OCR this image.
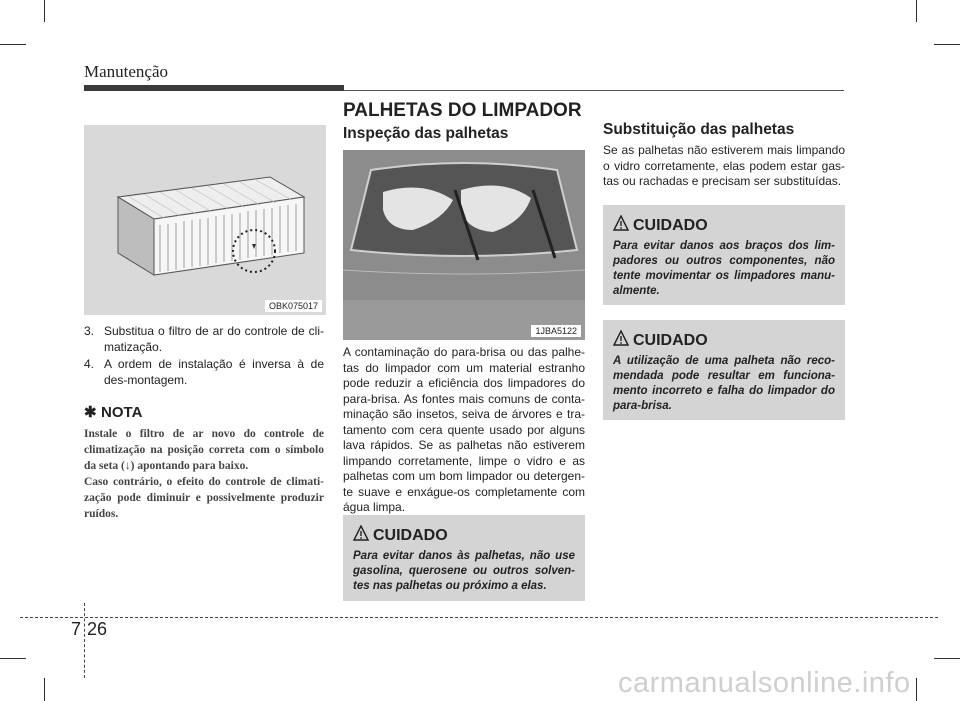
Manutenção
OBK075017
3. Substitua o filtro de ar do controle de cli-matização.
4. A ordem de instalação é inversa à de des-montagem.
✱ NOTA
Instale o filtro de ar novo do controle de climatização na posição correta com o símbolo da seta (↓) apontando para baixo.
Caso contrário, o efeito do controle de climati-zação pode diminuir e possivelmente produzir ruídos.
PALHETAS DO LIMPADOR
Inspeção das palhetas
1JBA5122
A contaminação do para-brisa ou das palhe-tas do limpador com um material estranho pode reduzir a eficiência dos limpadores do para-brisa. As fontes mais comuns de conta-minação são insetos, seiva de árvores e tra-tamento com cera quente usado por alguns lava rápidos. Se as palhetas não estiverem limpando corretamente, limpe o vidro e as palhetas com um bom limpador ou detergen-te suave e enxágue-os completamente com água limpa.
CUIDADO
Para evitar danos às palhetas, não use gasolina, querosene ou outros solven-tes nas palhetas ou próximo a elas.
Substituição das palhetas
Se as palhetas não estiverem mais limpando o vidro corretamente, elas podem estar gas-tas ou rachadas e precisam ser substituídas.
CUIDADO
Para evitar danos aos braços dos lim-padores ou outros componentes, não tente movimentar os limpadores manu-almente.
CUIDADO
A utilização de uma palheta não reco-mendada pode resultar em funciona-mento incorreto e falha do limpador do para-brisa.
7 26
carmanualsonline.info
